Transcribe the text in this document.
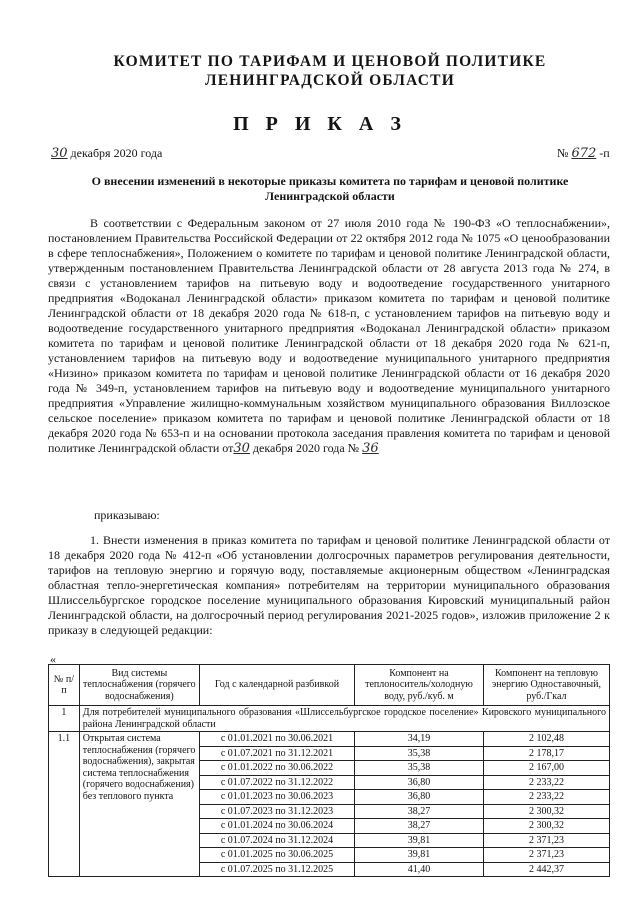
КОМИТЕТ ПО ТАРИФАМ И ЦЕНОВОЙ ПОЛИТИКЕ
ЛЕНИНГРАДСКОЙ ОБЛАСТИ
П Р И К А З
30 декабря 2020 года	№ 672 -п
О внесении изменений в некоторые приказы комитета по тарифам и ценовой политике Ленинградской области
В соответствии с Федеральным законом от 27 июля 2010 года № 190-ФЗ «О теплоснабжении», постановлением Правительства Российской Федерации от 22 октября 2012 года № 1075 «О ценообразовании в сфере теплоснабжения», Положением о комитете по тарифам и ценовой политике Ленинградской области, утвержденным постановлением Правительства Ленинградской области от 28 августа 2013 года № 274, в связи с установлением тарифов на питьевую воду и водоотведение государственного унитарного предприятия «Водоканал Ленинградской области» приказом комитета по тарифам и ценовой политике Ленинградской области от 18 декабря 2020 года № 618-п, с установлением тарифов на питьевую воду и водоотведение государственного унитарного предприятия «Водоканал Ленинградской области» приказом комитета по тарифам и ценовой политике Ленинградской области от 18 декабря 2020 года № 621-п, установлением тарифов на питьевую воду и водоотведение муниципального унитарного предприятия «Низино» приказом комитета по тарифам и ценовой политике Ленинградской области от 16 декабря 2020 года № 349-п, установлением тарифов на питьевую воду и водоотведение муниципального унитарного предприятия «Управление жилищно-коммунальным хозяйством муниципального образования Виллозское сельское поселение» приказом комитета по тарифам и ценовой политике Ленинградской области от 18 декабря 2020 года № 653-п и на основании протокола заседания правления комитета по тарифам и ценовой политике Ленинградской области от30 декабря 2020 года № 36
приказываю:
1. Внести изменения в приказ комитета по тарифам и ценовой политике Ленинградской области от 18 декабря 2020 года № 412-п «Об установлении долгосрочных параметров регулирования деятельности, тарифов на тепловую энергию и горячую воду, поставляемые акционерным обществом «Ленинградская областная тепло-энергетическая компания» потребителям на территории муниципального образования Шлиссельбургское городское поселение муниципального образования Кировский муниципальный район Ленинградской области, на долгосрочный период регулирования 2021-2025 годов», изложив приложение 2 к приказу в следующей редакции:
«
№ п/п	Вид системы теплоснабжения (горячего водоснабжения)	Год с календарной разбивкой	Компонент на теплоноситель/холодную воду, руб./куб. м	Компонент на тепловую энергию Одноставочный, руб./Гкал
1	Для потребителей муниципального образования «Шлиссельбургское городское поселение» Кировского муниципального района Ленинградской области			
1.1	Открытая система теплоснабжения (горячего водоснабжения), закрытая система теплоснабжения (горячего водоснабжения) без теплового пункта	с 01.01.2021 по 30.06.2021	34,19	2 102,48
		с 01.07.2021 по 31.12.2021	35,38	2 178,17
		с 01.01.2022 по 30.06.2022	35,38	2 167,00
		с 01.07.2022 по 31.12.2022	36,80	2 233,22
		с 01.01.2023 по 30.06.2023	36,80	2 233,22
		с 01.07.2023 по 31.12.2023	38,27	2 300,32
		с 01.01.2024 по 30.06.2024	38,27	2 300,32
		с 01.07.2024 по 31.12.2024	39,81	2 371,23
		с 01.01.2025 по 30.06.2025	39,81	2 371,23
		с 01.07.2025 по 31.12.2025	41,40	2 442,37
